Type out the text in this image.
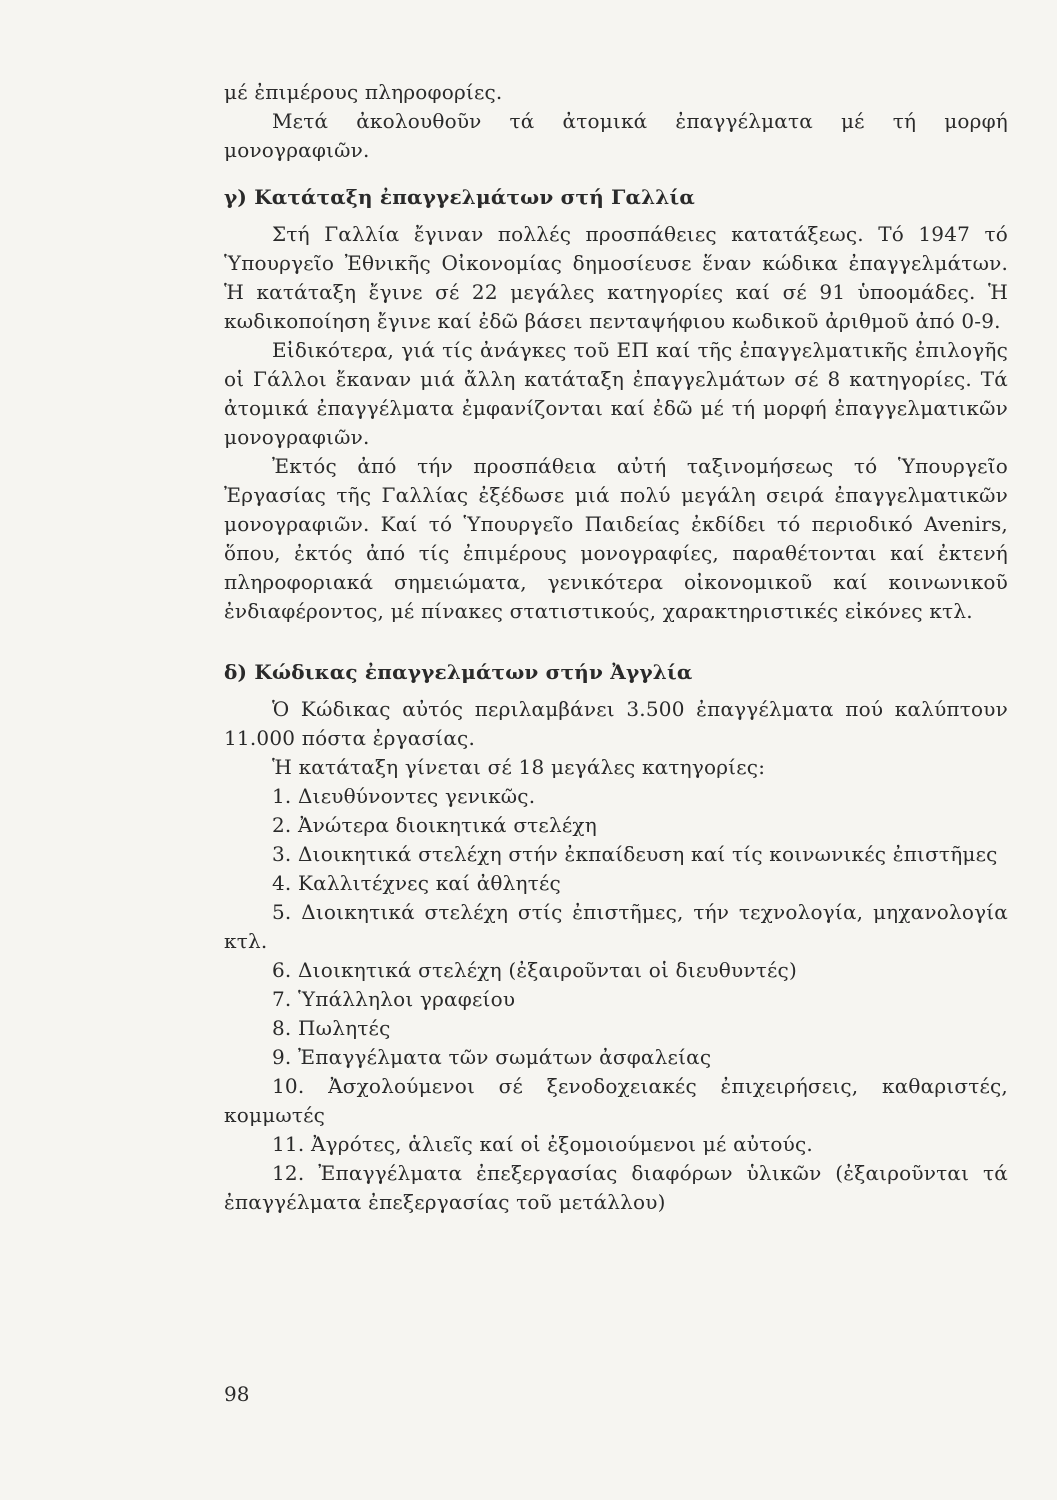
μέ ἐπιμέρους πληροφορίες.

Μετά ἀκολουθοῦν τά ἀτομικά ἐπαγγέλματα μέ τή μορφή μονογραφιῶν.

γ) Κατάταξη ἐπαγγελμάτων στή Γαλλία

Στή Γαλλία ἔγιναν πολλές προσπάθειες κατατάξεως. Τό 1947 τό Ὑπουργεῖο Ἐθνικῆς Οἰκονομίας δημοσίευσε ἕναν κώδικα ἐπαγγελμάτων. Ἡ κατάταξη ἔγινε σέ 22 μεγάλες κατηγορίες καί σέ 91 ὑποομάδες. Ἡ κωδικοποίηση ἔγινε καί ἐδῶ βάσει πενταψήφιου κωδικοῦ ἀριθμοῦ ἀπό 0-9.

Εἰδικότερα, γιά τίς ἀνάγκες τοῦ ΕΠ καί τῆς ἐπαγγελματικῆς ἐπιλογῆς οἱ Γάλλοι ἔκαναν μιά ἄλλη κατάταξη ἐπαγγελμάτων σέ 8 κατηγορίες. Τά ἀτομικά ἐπαγγέλματα ἐμφανίζονται καί ἐδῶ μέ τή μορφή ἐπαγγελματικῶν μονογραφιῶν.

Ἐκτός ἀπό τήν προσπάθεια αὐτή ταξινομήσεως τό Ὑπουργεῖο Ἐργασίας τῆς Γαλλίας ἐξέδωσε μιά πολύ μεγάλη σειρά ἐπαγγελματικῶν μονογραφιῶν. Καί τό Ὑπουργεῖο Παιδείας ἐκδίδει τό περιοδικό Avenirs, ὅπου, ἐκτός ἀπό τίς ἐπιμέρους μονογραφίες, παραθέτονται καί ἐκτενή πληροφοριακά σημειώματα, γενικότερα οἰκονομικοῦ καί κοινωνικοῦ ἐνδιαφέροντος, μέ πίνακες στατιστικούς, χαρακτηριστικές εἰκόνες κτλ.

δ) Κώδικας ἐπαγγελμάτων στήν Ἀγγλία

Ὁ Κώδικας αὐτός περιλαμβάνει 3.500 ἐπαγγέλματα πού καλύπτουν 11.000 πόστα ἐργασίας.

Ἡ κατάταξη γίνεται σέ 18 μεγάλες κατηγορίες:

1. Διευθύνοντες γενικῶς.

2. Ἀνώτερα διοικητικά στελέχη

3. Διοικητικά στελέχη στήν ἐκπαίδευση καί τίς κοινωνικές ἐπιστῆμες

4. Καλλιτέχνες καί ἀθλητές

5. Διοικητικά στελέχη στίς ἐπιστῆμες, τήν τεχνολογία, μηχανολογία κτλ.

6. Διοικητικά στελέχη (ἐξαιροῦνται οἱ διευθυντές)

7. Ὑπάλληλοι γραφείου

8. Πωλητές

9. Ἐπαγγέλματα τῶν σωμάτων ἀσφαλείας

10. Ἀσχολούμενοι σέ ξενοδοχειακές ἐπιχειρήσεις, καθαριστές, κομμωτές

11. Ἀγρότες, ἁλιεῖς καί οἱ ἐξομοιούμενοι μέ αὐτούς.

12. Ἐπαγγέλματα ἐπεξεργασίας διαφόρων ὑλικῶν (ἐξαιροῦνται τά ἐπαγγέλματα ἐπεξεργασίας τοῦ μετάλλου)

98
